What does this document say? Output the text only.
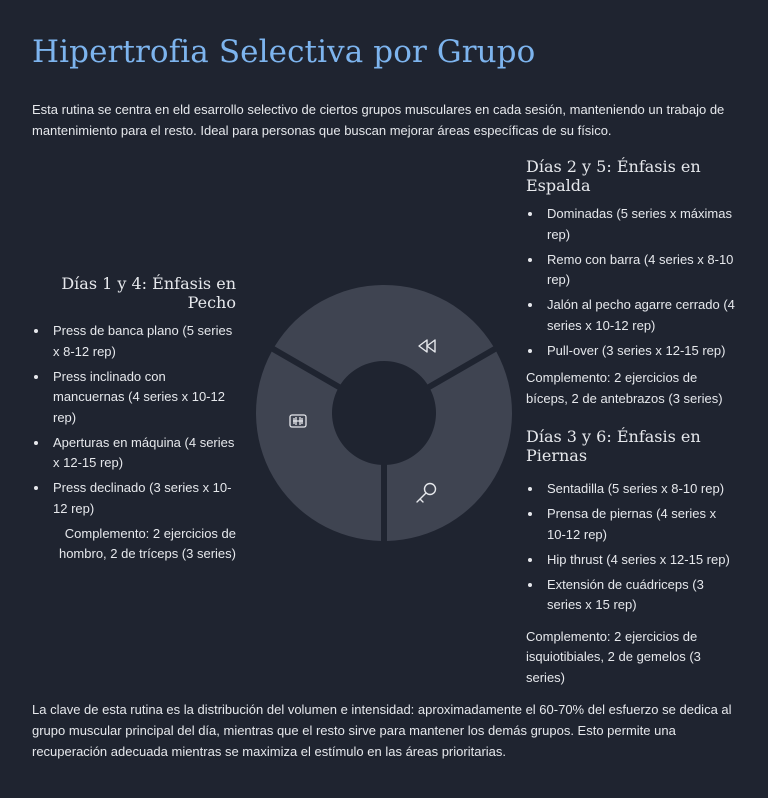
Hipertrofia Selectiva por Grupo

Esta rutina se centra en eld esarrollo selectivo de ciertos grupos musculares en cada sesión, manteniendo un trabajo de mantenimiento para el resto. Ideal para personas que buscan mejorar áreas específicas de su físico.

Días 1 y 4: Énfasis en Pecho
Press de banca plano (5 series x 8-12 rep)
Press inclinado con mancuernas (4 series x 10-12 rep)
Aperturas en máquina (4 series x 12-15 rep)
Press declinado (3 series x 10-12 rep)

Complemento: 2 ejercicios de hombro, 2 de tríceps (3 series)

Días 2 y 5: Énfasis en Espalda
Dominadas (5 series x máximas rep)
Remo con barra (4 series x 8-10 rep)
Jalón al pecho agarre cerrado (4 series x 10-12 rep)
Pull-over (3 series x 12-15 rep)

Complemento: 2 ejercicios de bíceps, 2 de antebrazos (3 series)

Días 3 y 6: Énfasis en Piernas
Sentadilla (5 series x 8-10 rep)
Prensa de piernas (4 series x 10-12 rep)
Hip thrust (4 series x 12-15 rep)
Extensión de cuádriceps (3 series x 15 rep)

Complemento: 2 ejercicios de isquiotibiales, 2 de gemelos (3 series)

La clave de esta rutina es la distribución del volumen e intensidad: aproximadamente el 60-70% del esfuerzo se dedica al grupo muscular principal del día, mientras que el resto sirve para mantener los demás grupos. Esto permite una recuperación adecuada mientras se maximiza el estímulo en las áreas prioritarias.
